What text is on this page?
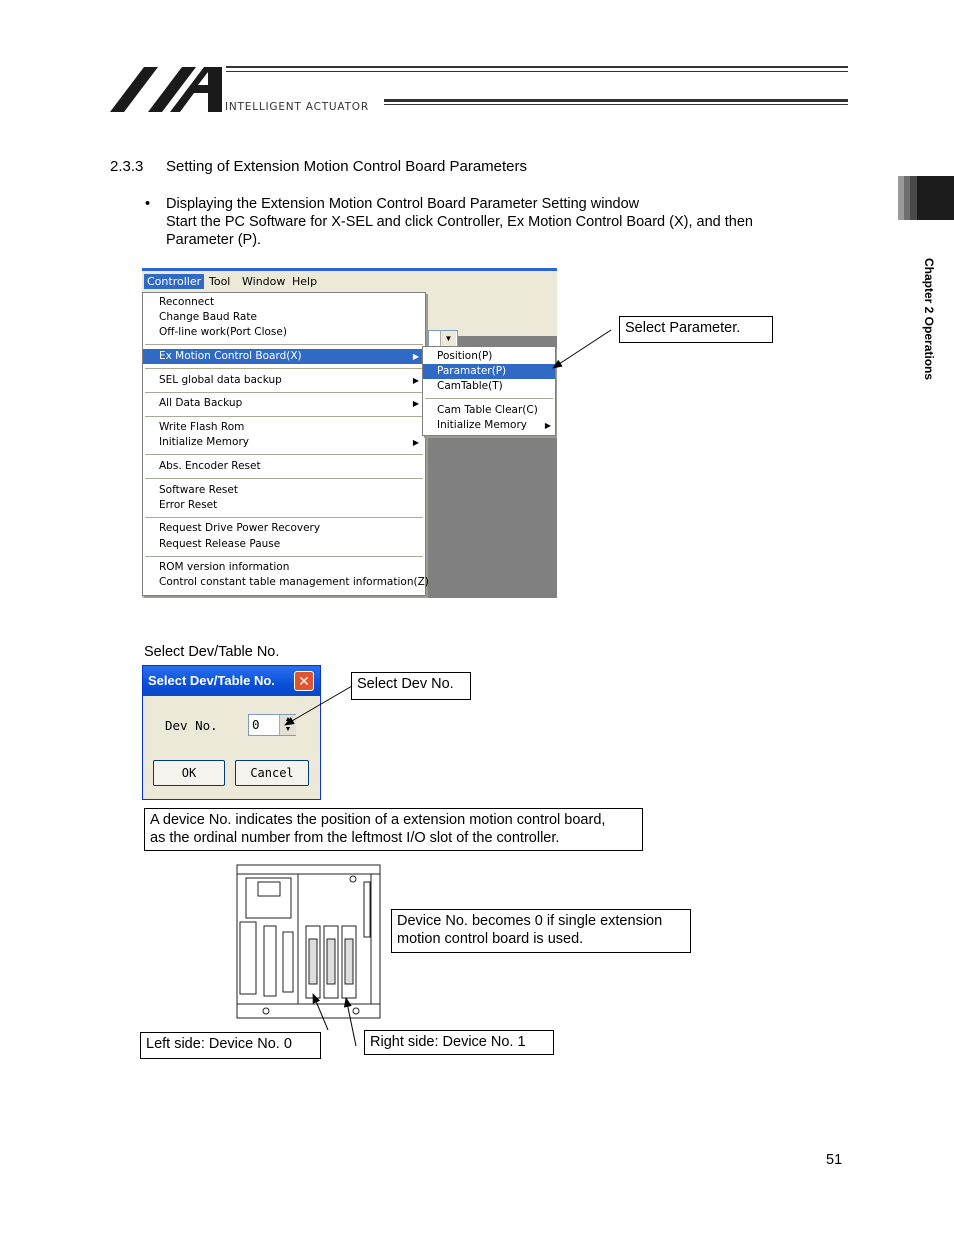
INTELLIGENT ACTUATOR
2.3.3 Setting of Extension Motion Control Board Parameters
• Displaying the Extension Motion Control Board Parameter Setting window
Start the PC Software for X-SEL and click Controller, Ex Motion Control Board (X), and then
Parameter (P).
Controller Tool Window Help
▼
Reconnect
Change Baud Rate
Off-line work(Port Close)
Ex Motion Control Board(X)	▶
SEL global data backup	▶
All Data Backup	▶
Write Flash Rom
Initialize Memory	▶
Abs. Encoder Reset
Software Reset
Error Reset
Request Drive Power Recovery
Request Release Pause
ROM version information
Control constant table management information(Z)
Position(P)
Paramater(P)
CamTable(T)
Cam Table Clear(C)
Initialize Memory ▶
Select Parameter.
Select Dev/Table No.
Select Dev/Table No.	✕
Dev No.	0	▲
▼
OK	Cancel
Select Dev No.
A device No. indicates the position of a extension motion control board,
as the ordinal number from the leftmost I/O slot of the controller.
Device No. becomes 0 if single extension
motion control board is used.
Left side: Device No. 0	Right side: Device No. 1
Chapter 2 Operations
51
